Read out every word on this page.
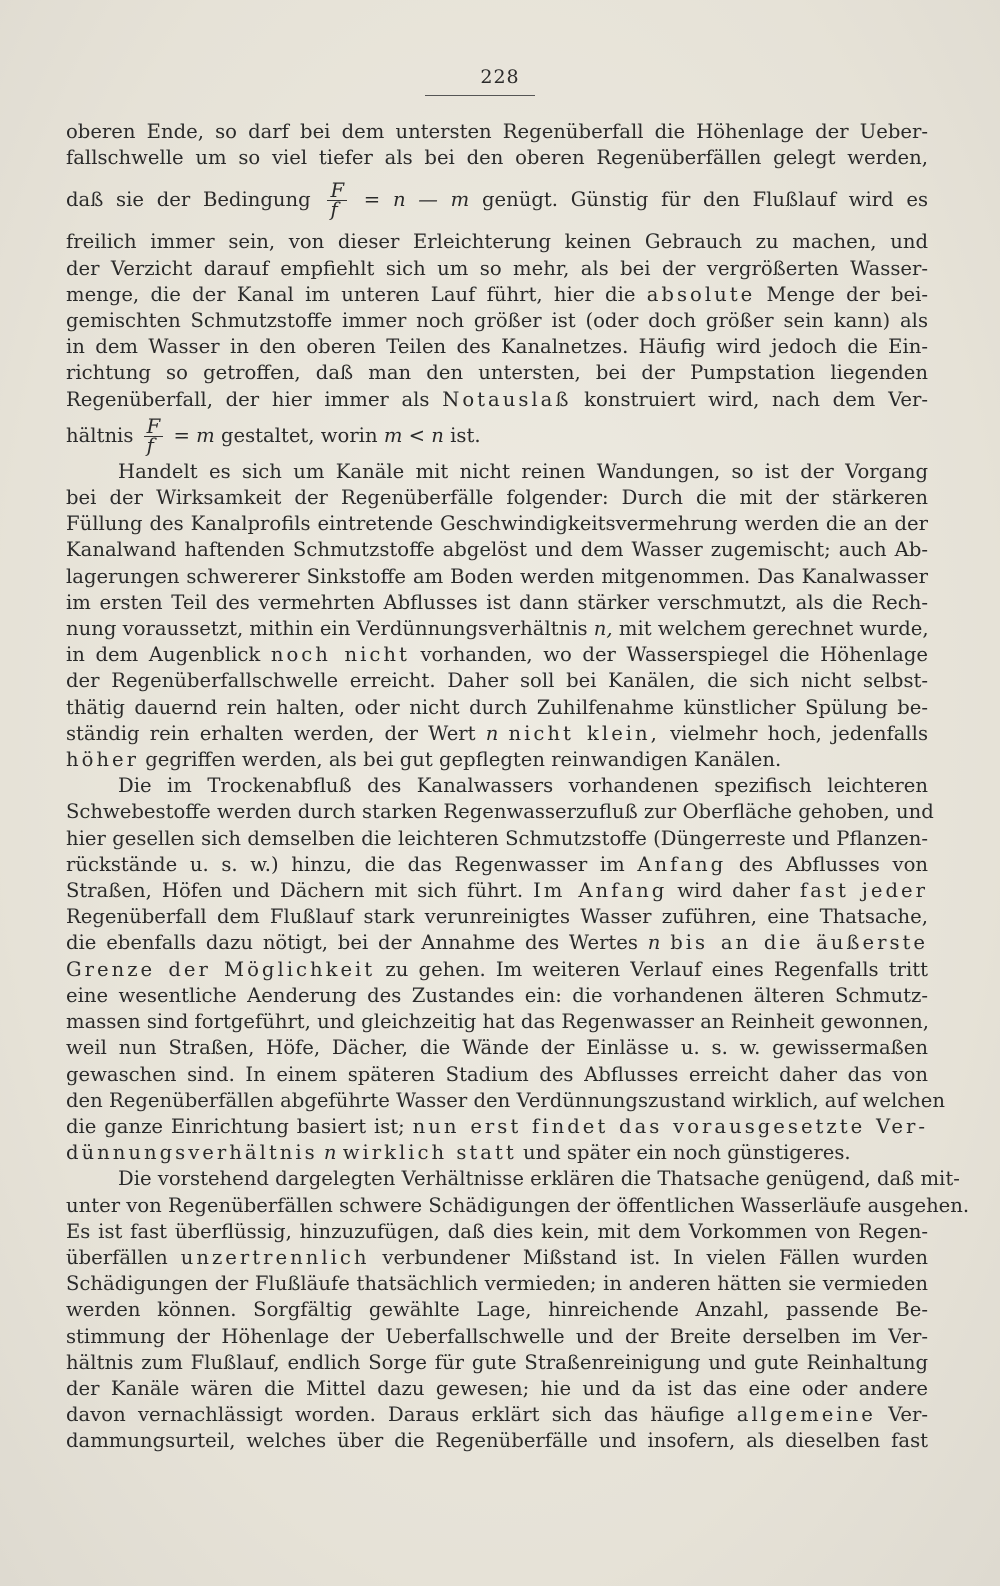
228
oberen Ende, so darf bei dem untersten Regenüberfall die Höhenlage der Ueber-
fallschwelle um so viel tiefer als bei den oberen Regenüberfällen gelegt werden,
daß sie der Bedingung $\frac{F}{f} = n$ — m genügt. Günstig für den Flußlauf wird es
freilich immer sein, von dieser Erleichterung keinen Gebrauch zu machen, und
der Verzicht darauf empfiehlt sich um so mehr, als bei der vergrößerten Wasser-
menge, die der Kanal im unteren Lauf führt, hier die absolute Menge der bei-
gemischten Schmutzstoffe immer noch größer ist (oder doch größer sein kann) als
in dem Wasser in den oberen Teilen des Kanalnetzes. Häufig wird jedoch die Ein-
richtung so getroffen, daß man den untersten, bei der Pumpstation liegenden
Regenüberfall, der hier immer als Notauslaß konstruiert wird, nach dem Ver-
hältnis $\frac{F}{f} = m$ gestaltet, worin m < n ist.
Handelt es sich um Kanäle mit nicht reinen Wandungen, so ist der Vorgang
bei der Wirksamkeit der Regenüberfälle folgender: Durch die mit der stärkeren
Füllung des Kanalprofils eintretende Geschwindigkeitsvermehrung werden die an der
Kanalwand haftenden Schmutzstoffe abgelöst und dem Wasser zugemischt; auch Ab-
lagerungen schwererer Sinkstoffe am Boden werden mitgenommen. Das Kanalwasser
im ersten Teil des vermehrten Abflusses ist dann stärker verschmutzt, als die Rech-
nung voraussetzt, mithin ein Verdünnungsverhältnis n, mit welchem gerechnet wurde,
in dem Augenblick noch nicht vorhanden, wo der Wasserspiegel die Höhenlage
der Regenüberfallschwelle erreicht. Daher soll bei Kanälen, die sich nicht selbst-
thätig dauernd rein halten, oder nicht durch Zuhilfenahme künstlicher Spülung be-
ständig rein erhalten werden, der Wert n nicht klein, vielmehr hoch, jedenfalls
höher gegriffen werden, als bei gut gepflegten reinwandigen Kanälen.
Die im Trockenabfluß des Kanalwassers vorhandenen spezifisch leichteren
Schwebestoffe werden durch starken Regenwasserzufluß zur Oberfläche gehoben, und
hier gesellen sich demselben die leichteren Schmutzstoffe (Düngerreste und Pflanzen-
rückstände u. s. w.) hinzu, die das Regenwasser im Anfang des Abflusses von
Straßen, Höfen und Dächern mit sich führt. Im Anfang wird daher fast jeder
Regenüberfall dem Flußlauf stark verunreinigtes Wasser zuführen, eine Thatsache,
die ebenfalls dazu nötigt, bei der Annahme des Wertes n bis an die äußerste
Grenze der Möglichkeit zu gehen. Im weiteren Verlauf eines Regenfalls tritt
eine wesentliche Aenderung des Zustandes ein: die vorhandenen älteren Schmutz-
massen sind fortgeführt, und gleichzeitig hat das Regenwasser an Reinheit gewonnen,
weil nun Straßen, Höfe, Dächer, die Wände der Einlässe u. s. w. gewissermaßen
gewaschen sind. In einem späteren Stadium des Abflusses erreicht daher das von
den Regenüberfällen abgeführte Wasser den Verdünnungszustand wirklich, auf welchen
die ganze Einrichtung basiert ist; nun erst findet das vorausgesetzte Ver-
dünnungsverhältnis n wirklich statt und später ein noch günstigeres.
Die vorstehend dargelegten Verhältnisse erklären die Thatsache genügend, daß mit-
unter von Regenüberfällen schwere Schädigungen der öffentlichen Wasserläufe ausgehen.
Es ist fast überflüssig, hinzuzufügen, daß dies kein, mit dem Vorkommen von Regen-
überfällen unzertrennlich verbundener Mißstand ist. In vielen Fällen wurden
Schädigungen der Flußläufe thatsächlich vermieden; in anderen hätten sie vermieden
werden können. Sorgfältig gewählte Lage, hinreichende Anzahl, passende Be-
stimmung der Höhenlage der Ueberfallschwelle und der Breite derselben im Ver-
hältnis zum Flußlauf, endlich Sorge für gute Straßenreinigung und gute Reinhaltung
der Kanäle wären die Mittel dazu gewesen; hie und da ist das eine oder andere
davon vernachlässigt worden. Daraus erklärt sich das häufige allgemeine Ver-
dammungsurteil, welches über die Regenüberfälle und insofern, als dieselben fast
